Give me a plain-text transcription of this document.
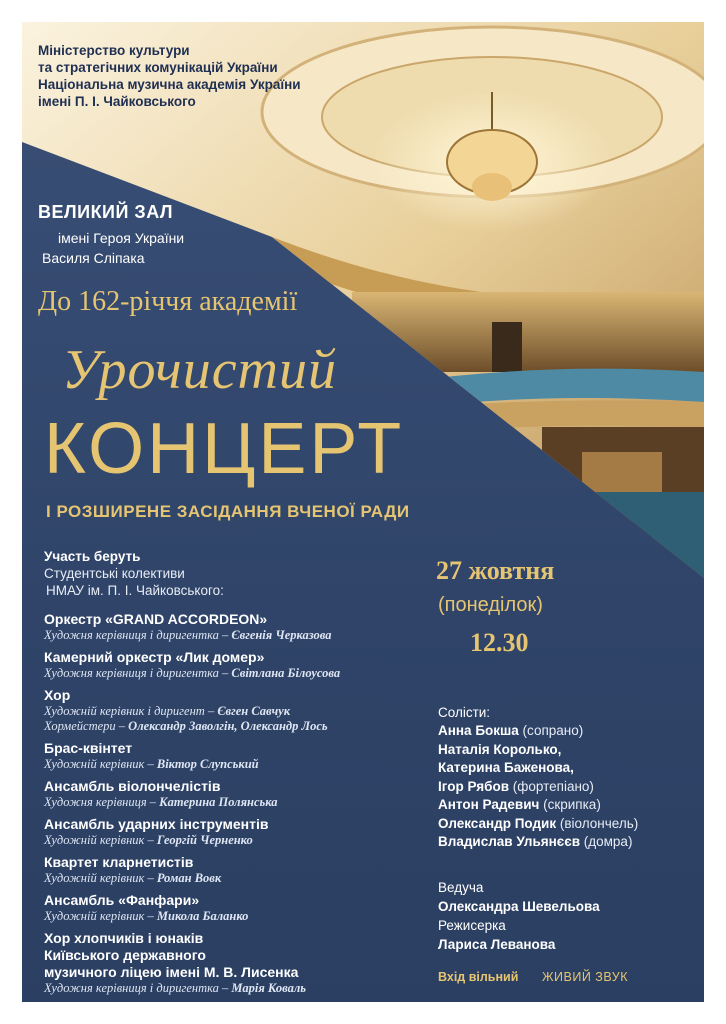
Міністерство культури
та стратегічних комунікацій України
Національна музична академія України
імені П. І. Чайковського
ВЕЛИКИЙ ЗАЛ
імені Героя України
Василя Сліпака
До 162-річчя академії
Урочистий
КОНЦЕРТ
І РОЗШИРЕНЕ ЗАСІДАННЯ ВЧЕНОЇ РАДИ
Участь беруть
Студентські колективи
НМАУ ім. П. І. Чайковського:
Оркестр «GRAND ACCORDEON»
Художня керівниця і диригентка – Євгенія Черказова
Камерний оркестр «Лик домер»
Художня керівниця і диригентка – Світлана Білоусова
Хор
Художній керівник і диригент – Євген Савчук
Хормейстери – Олександр Заволгін, Олександр Лось
Брас-квінтет
Художній керівник – Віктор Слупський
Ансамбль віолончелістів
Художня керівниця – Катерина Полянська
Ансамбль ударних інструментів
Художній керівник – Георгій Черненко
Квартет кларнетистів
Художній керівник – Роман Вовк
Ансамбль «Фанфари»
Художній керівник – Микола Баланко
Хор хлопчиків і юнаків
Київського державного
музичного ліцею імені М. В. Лисенка
Художня керівниця і диригентка – Марія Коваль
27 жовтня
(понеділок)
12.30
Солісти:
Анна Бокша (сопрано)
Наталія Королько,
Катерина Баженова,
Ігор Рябов (фортепіано)
Антон Радевич (скрипка)
Олександр Подик (віолончель)
Владислав Ульянєєв (домра)
Ведуча
Олександра Шевельова
Режисерка
Лариса Леванова
Вхід вільний ЖИВИЙ ЗВУК
